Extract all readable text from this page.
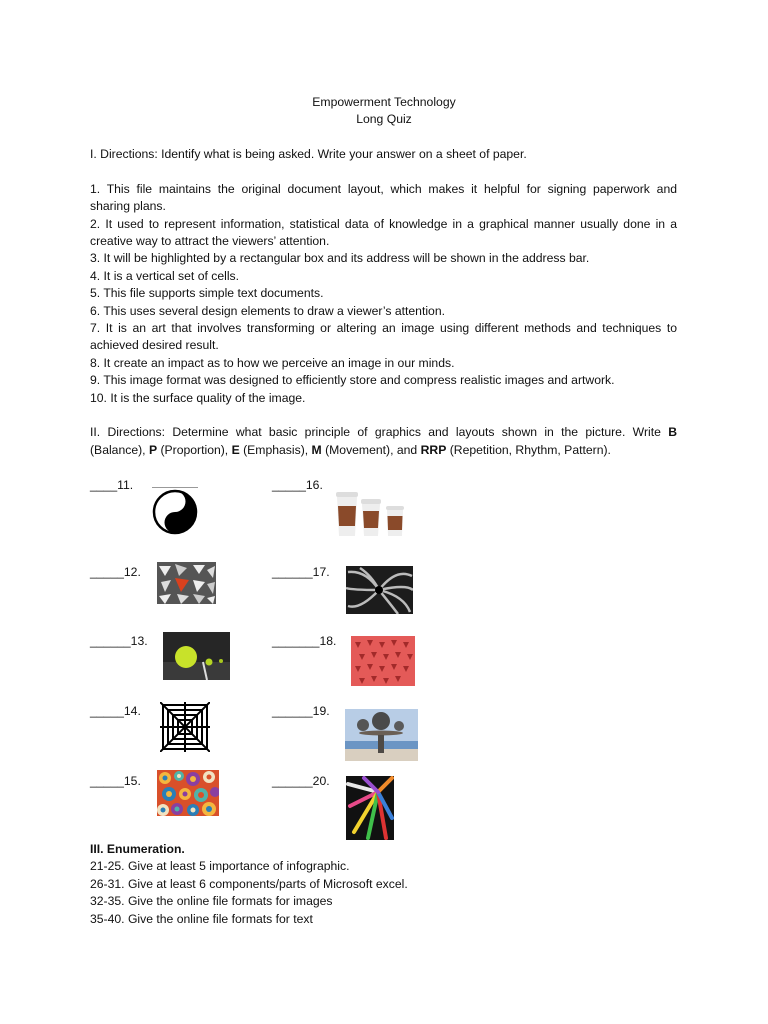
Empowerment Technology
Long Quiz
I. Directions: Identify what is being asked. Write your answer on a sheet of paper.
1. This file maintains the original document layout, which makes it helpful for signing paperwork and
sharing plans.
2. It used to represent information, statistical data of knowledge in a graphical manner usually done in a
creative way to attract the viewers’ attention.
3. It will be highlighted by a rectangular box and its address will be shown in the address bar.
4. It is a vertical set of cells.
5. This file supports simple text documents.
6. This uses several design elements to draw a viewer’s attention.
7. It is an art that involves transforming or altering an image using different methods and techniques to
achieved desired result.
8. It create an impact as to how we perceive an image in our minds.
9. This image format was designed to efficiently store and compress realistic images and artwork.
10. It is the surface quality of the image.
II. Directions: Determine what basic principle of graphics and layouts shown in the picture. Write B
(Balance), P (Proportion), E (Emphasis), M (Movement), and RRP (Repetition, Rhythm, Pattern).
____11.	_____16.
_____12.	______17.
______13.	_______18.
_____14.	______19.
_____15.	______20.
III. Enumeration.
21-25. Give at least 5 importance of infographic.
26-31. Give at least 6 components/parts of Microsoft excel.
32-35. Give the online file formats for images
35-40. Give the online file formats for text
